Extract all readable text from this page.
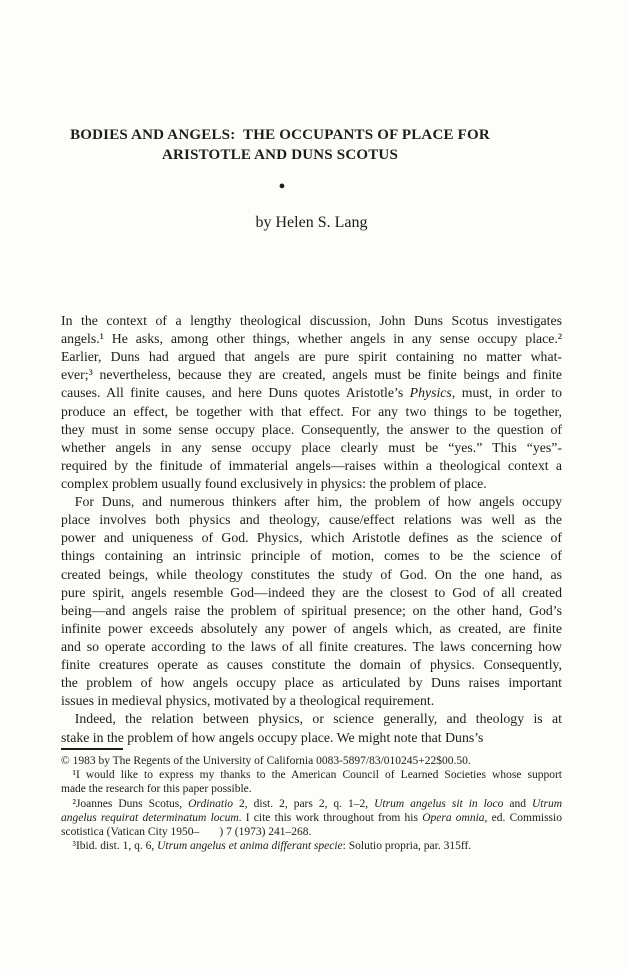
BODIES AND ANGELS:  THE OCCUPANTS OF PLACE FOR
ARISTOTLE AND DUNS SCOTUS
●
by Helen S. Lang
In the context of a lengthy theological discussion, John Duns Scotus investigates
angels.¹ He asks, among other things, whether angels in any sense occupy place.²
Earlier, Duns had argued that angels are pure spirit containing no matter what-
ever;³ nevertheless, because they are created, angels must be finite beings and finite
causes. All finite causes, and here Duns quotes Aristotle’s Physics, must, in order to
produce an effect, be together with that effect. For any two things to be together,
they must in some sense occupy place. Consequently, the answer to the question of
whether angels in any sense occupy place clearly must be “yes.” This “yes”-
required by the finitude of immaterial angels—raises within a theological context a
complex problem usually found exclusively in physics: the problem of place.
For Duns, and numerous thinkers after him, the problem of how angels occupy
place involves both physics and theology, cause/effect relations was well as the
power and uniqueness of God. Physics, which Aristotle defines as the science of
things containing an intrinsic principle of motion, comes to be the science of
created beings, while theology constitutes the study of God. On the one hand, as
pure spirit, angels resemble God—indeed they are the closest to God of all created
being—and angels raise the problem of spiritual presence; on the other hand, God’s
infinite power exceeds absolutely any power of angels which, as created, are finite
and so operate according to the laws of all finite creatures. The laws concerning how
finite creatures operate as causes constitute the domain of physics. Consequently,
the problem of how angels occupy place as articulated by Duns raises important
issues in medieval physics, motivated by a theological requirement.
Indeed, the relation between physics, or science generally, and theology is at
stake in the problem of how angels occupy place. We might note that Duns’s
© 1983 by The Regents of the University of California 0083-5897/83/010245+22$00.50.
¹I would like to express my thanks to the American Council of Learned Societies whose support
made the research for this paper possible.
²Joannes Duns Scotus, Ordinatio 2, dist. 2, pars 2, q. 1–2, Utrum angelus sit in loco and Utrum
angelus requirat determinatum locum. I cite this work throughout from his Opera omnia, ed. Commissio
scotistica (Vatican City 1950–       ) 7 (1973) 241–268.
³Ibid. dist. 1, q. 6, Utrum angelus et anima differant specie: Solutio propria, par. 315ff.
